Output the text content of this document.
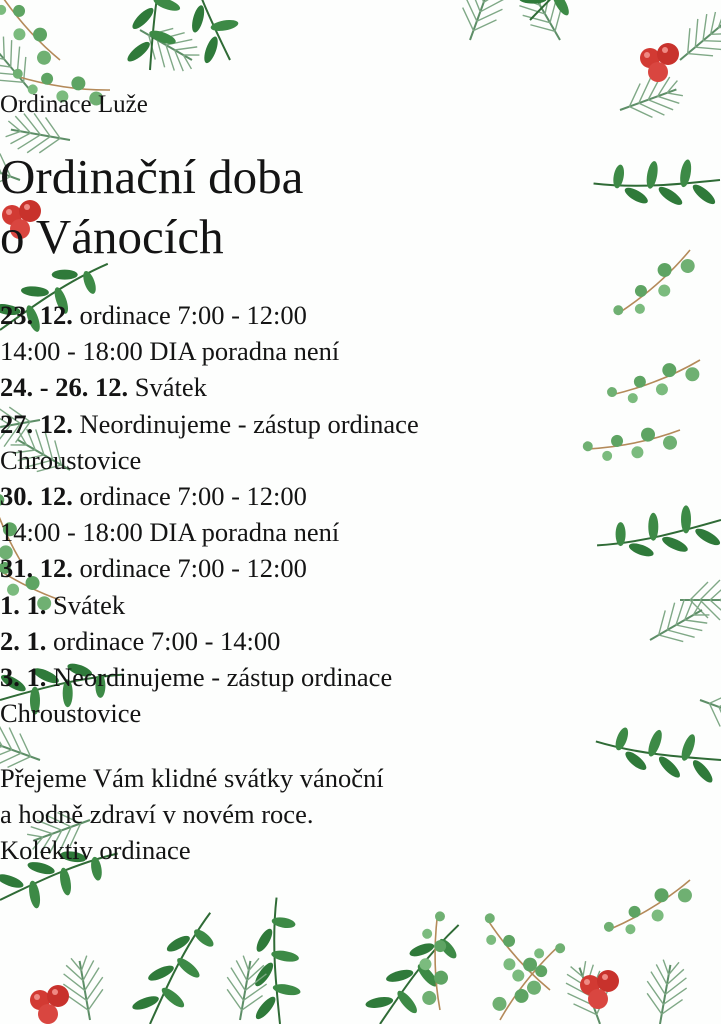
Ordinace Luže
Ordinační doba
o Vánocích
23. 12. ordinace 7:00 - 12:00
14:00 - 18:00 DIA poradna není
24. - 26. 12. Svátek
27. 12. Neordinujeme - zástup ordinace
Chroustovice
30. 12. ordinace 7:00 - 12:00
14:00 - 18:00 DIA poradna není
31. 12. ordinace 7:00 - 12:00
1. 1. Svátek
2. 1. ordinace 7:00 - 14:00
3. 1. Neordinujeme - zástup ordinace
Chroustovice
Přejeme Vám klidné svátky vánoční
a hodně zdraví v novém roce.
Kolektiv ordinace
